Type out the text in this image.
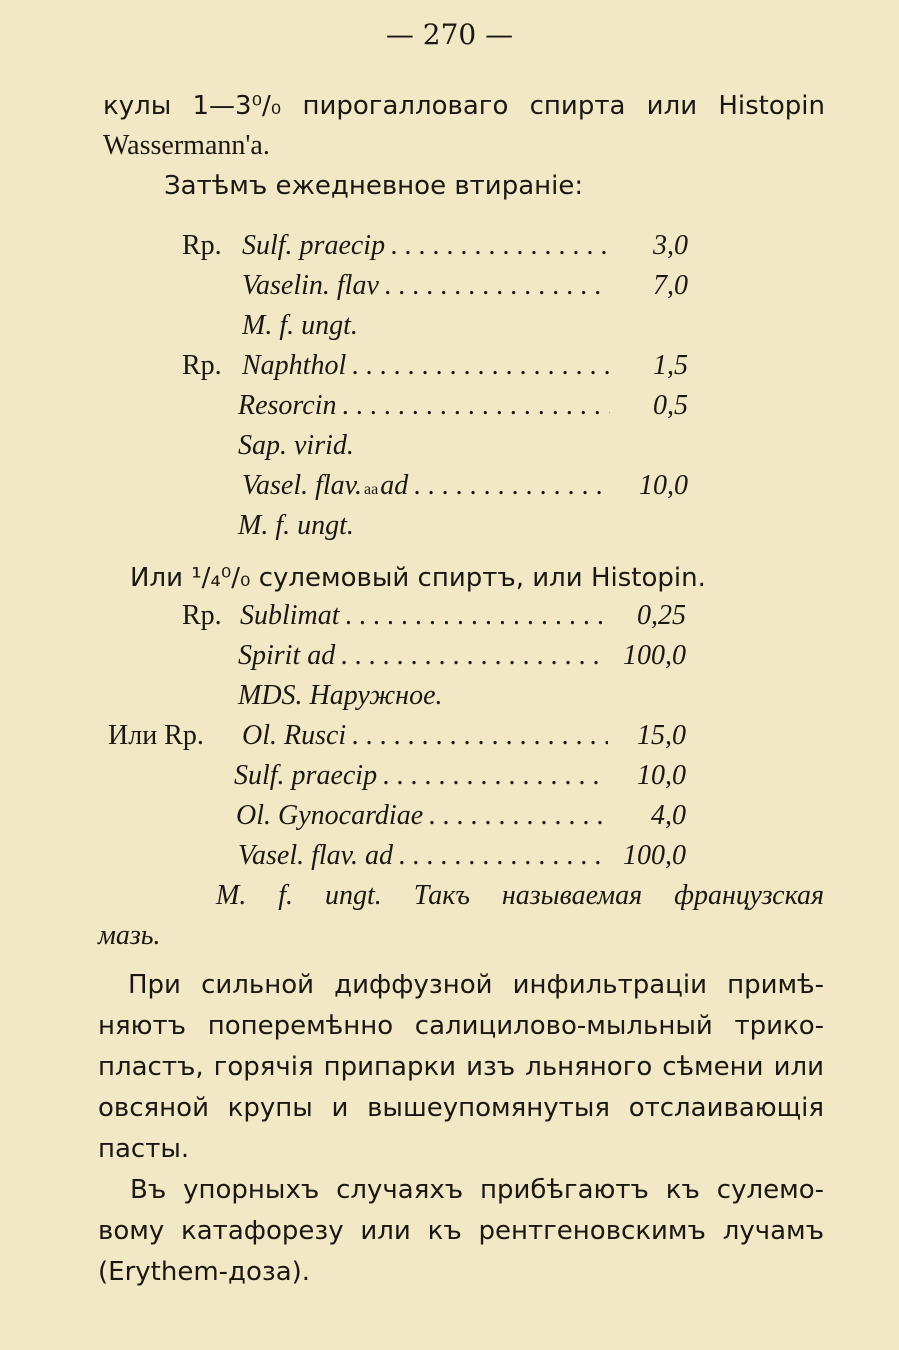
— 270 —
кулы 1—3⁰/₀ пирогалловаго спирта или Histopin
Wassermann'a.
Затѣмъ ежедневное втираніе:
Rp. Sulf. praecip . . .	3,0
Vaselin. flav . . .	7,0
M. f. ungt.
Rp. Naphthol . . .	1,5
Resorcin . . .	0,5
Sap. virid.
Vasel. flav. aa ad . . .	10,0
M. f. ungt.
Или ¹/₄⁰/₀ сулемовый спиртъ, или Histopin.
Rp. Sublimat . . .	0,25
Spirit ad . . .	100,0
MDS. Наружное.
Или Rp. Ol. Rusci . . .	15,0
Sulf. praecip . . .	10,0
Ol. Gynocardiae . . .	4,0
Vasel. flav. ad . . .	100,0
M. f. ungt. Такъ называемая французская
мазь.
При сильной диффузной инфильтраціи примѣ-
няютъ поперемѣнно салицилово-мыльный трико-
пластъ, горячія припарки изъ льняного сѣмени или
овсяной крупы и вышеупомянутыя отслаивающія
пасты.
Въ упорныхъ случаяхъ прибѣгаютъ къ сулемо-
вому катафорезу или къ рентгеновскимъ лучамъ
(Erythem-доза).
